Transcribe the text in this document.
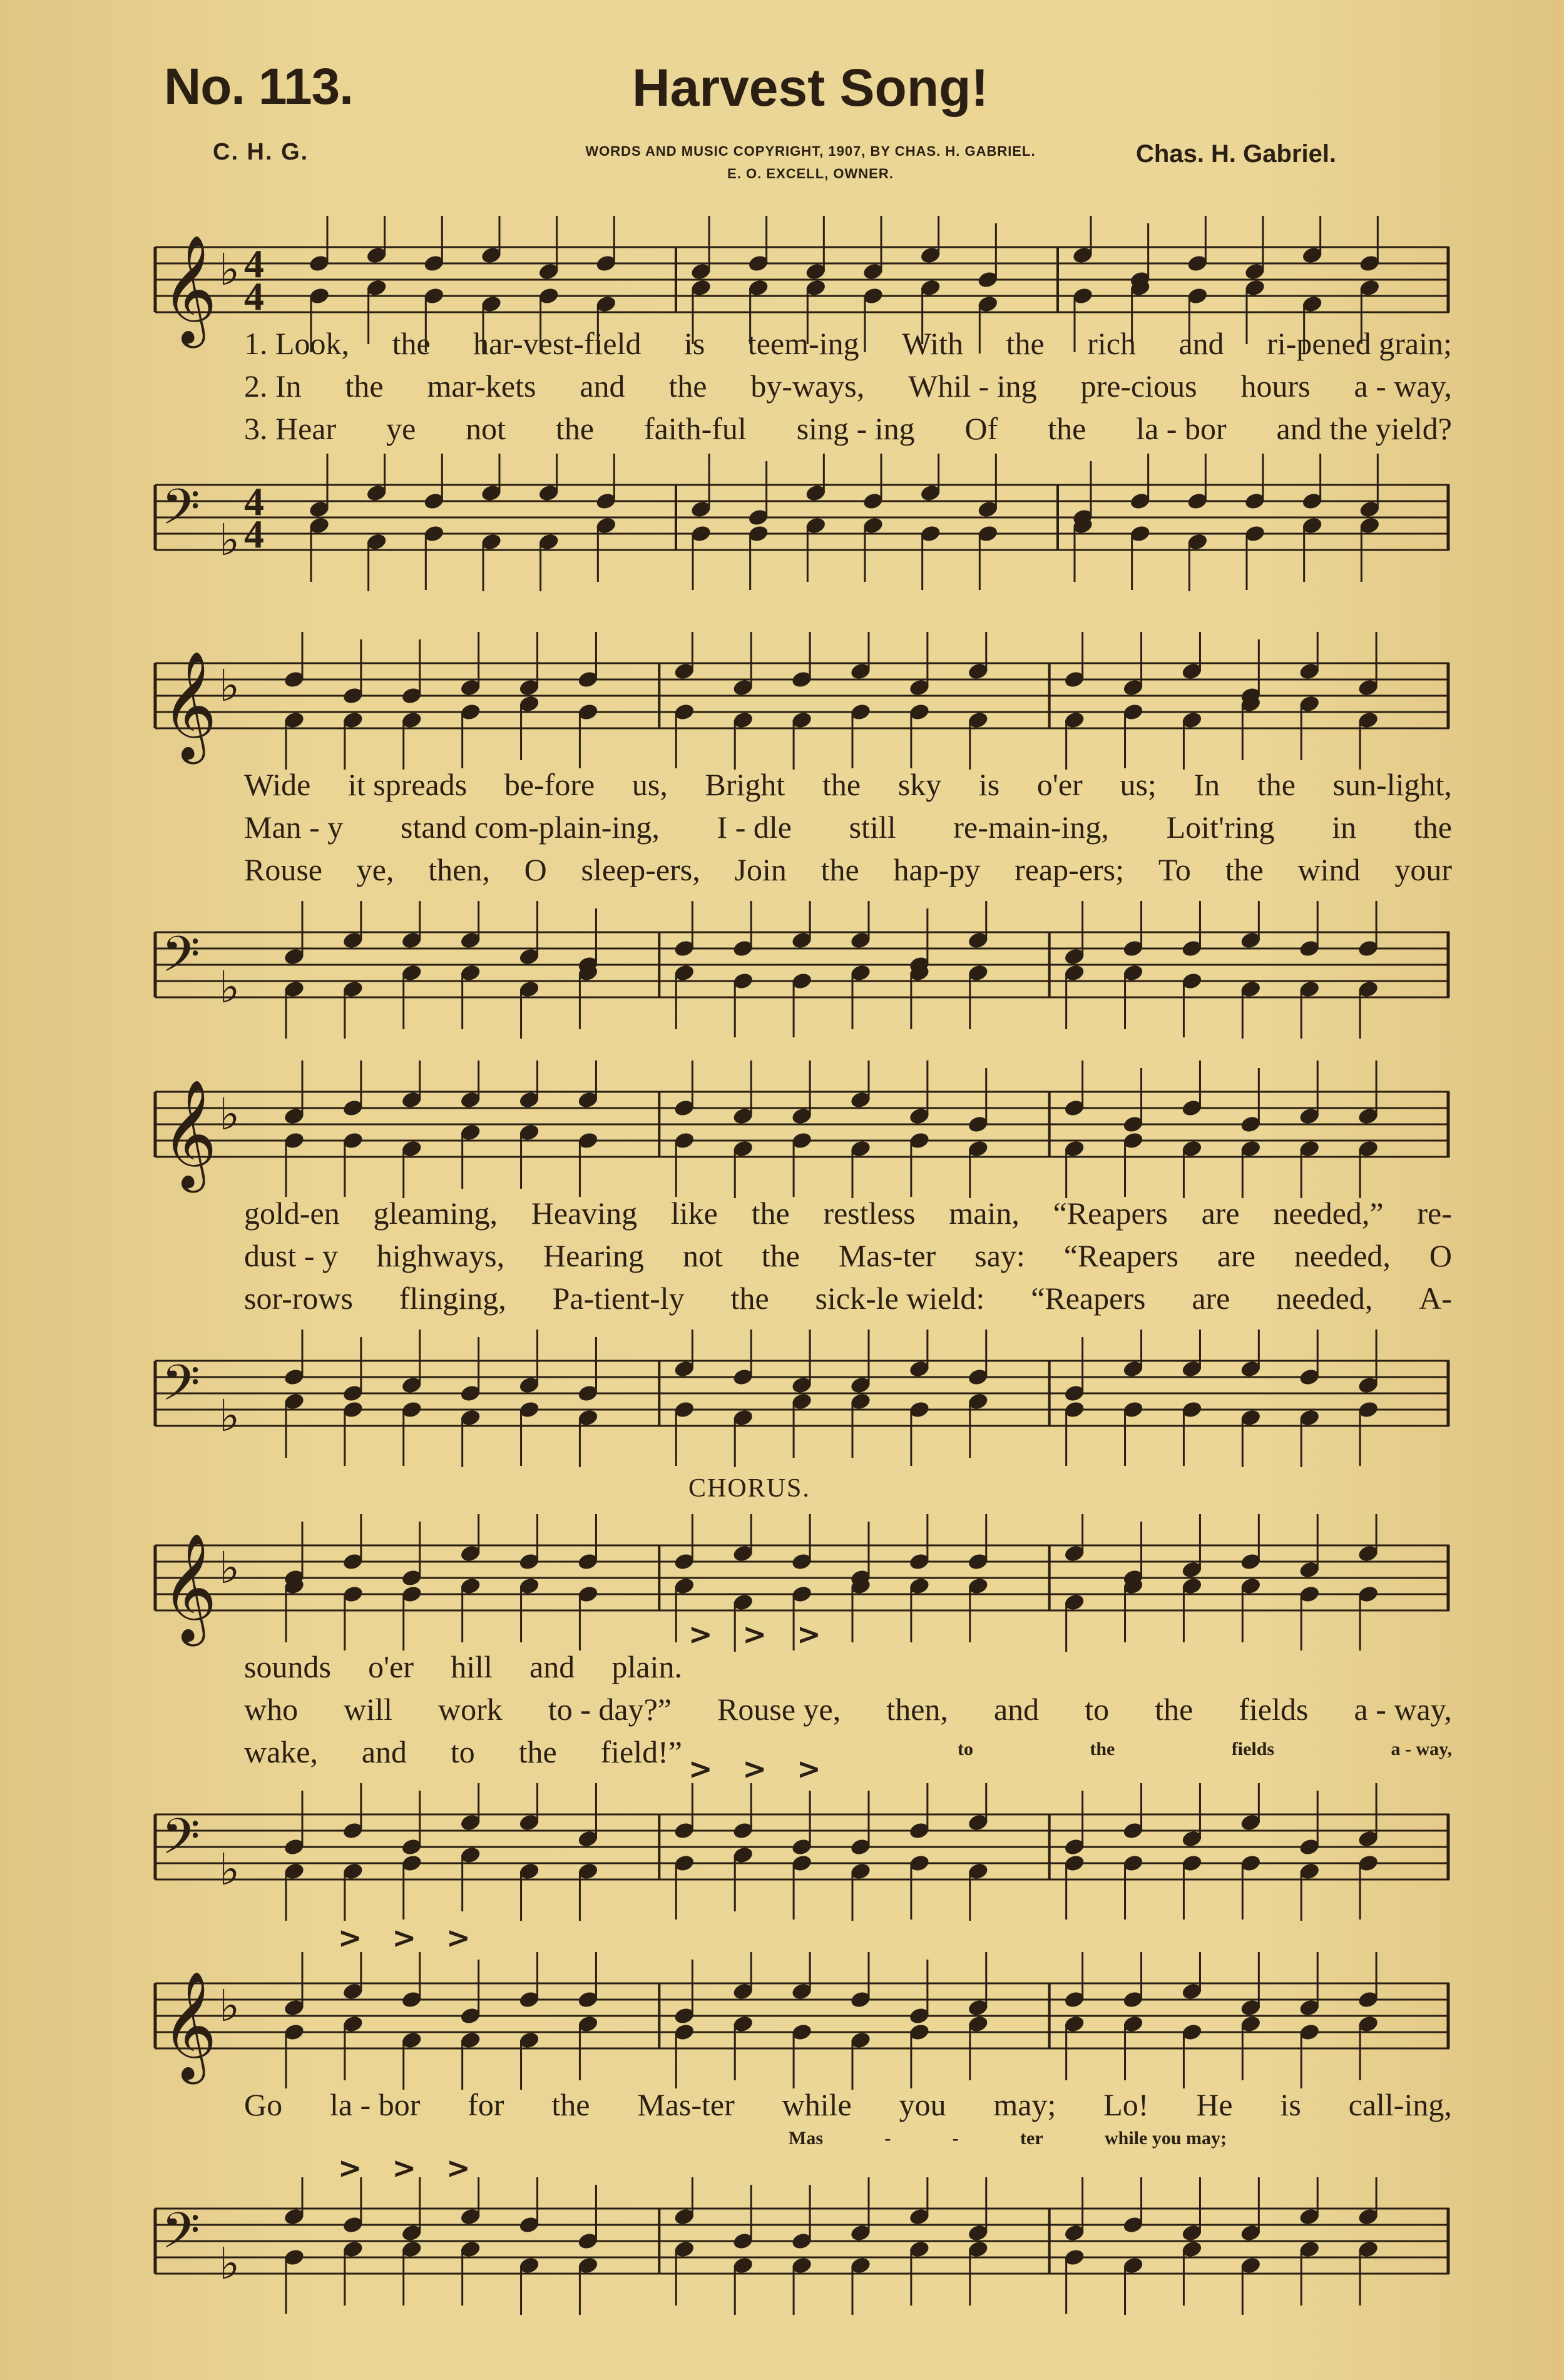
No. 113.	Harvest Song!
C. H. G.	WORDS AND MUSIC COPYRIGHT, 1907, BY CHAS. H. GABRIEL.
E. O. EXCELL, OWNER.
Chas. H. Gabriel.
𝄞 ♭ 4
4
1. Look, the har-vest-field is teem-ing With the rich and ri-pened grain;
2. In the mar-kets and the by-ways, Whil - ing pre-cious hours a - way,
3. Hear ye not the faith-ful sing - ing Of the la - bor and the yield?
𝄢 ♭
4
4
𝄞 ♭
Wide it spreads be-fore us, Bright the sky is o'er us; In the sun-light,
Man - y stand com-plain-ing, I - dle still re-main-ing, Loit'ring in the
Rouse ye, then, O sleep-ers, Join the hap-py reap-ers; To the wind your
𝄢 ♭
𝄞 ♭
gold-en gleaming, Heaving like the restless main, “Reapers are needed,” re-
dust - y highways, Hearing not the Mas-ter say: “Reapers are needed, O
sor-rows flinging, Pa-tient-ly the sick-le wield: “Reapers are needed, A-
𝄢 ♭
CHORUS.
𝄞 ♭
>>>
sounds o'er hill and plain.
who will work to - day?” Rouse ye, then, and to the fields a - way,
wake, and to the field!”	to	the	fields	a - way,
>>>
𝄢 ♭
>>>
𝄞 ♭
Go la - bor for the Mas-ter while you may; Lo! He is call-ing,
Mas	-	-	ter	while you may;
>>>
𝄢 ♭
